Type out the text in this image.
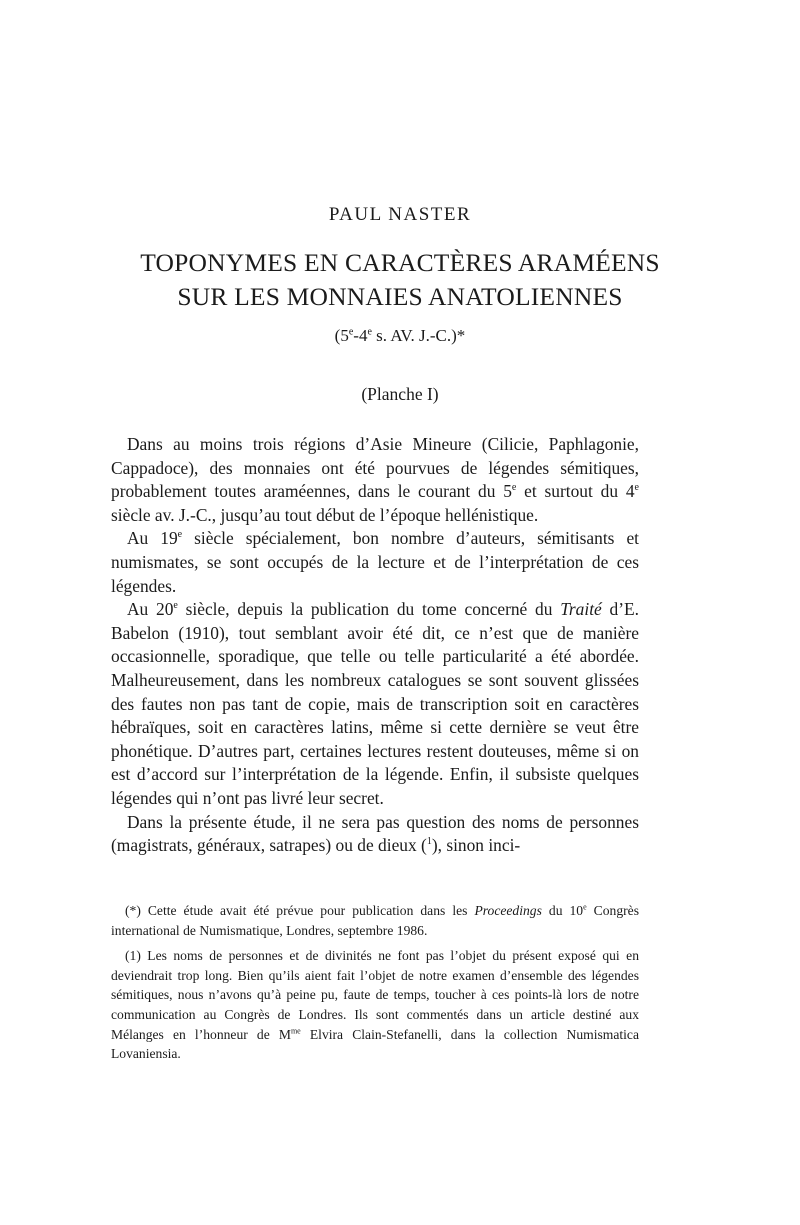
PAUL NASTER
TOPONYMES EN CARACTÈRES ARAMÉENS
SUR LES MONNAIES ANATOLIENNES
(5e-4e s. AV. J.-C.)*
(Planche I)

Dans au moins trois régions d’Asie Mineure (Cilicie, Paphlagonie, Cappadoce), des monnaies ont été pourvues de légendes sémitiques, probablement toutes araméennes, dans le courant du 5e et surtout du 4e siècle av. J.-C., jusqu’au tout début de l’époque hellénistique.

Au 19e siècle spécialement, bon nombre d’auteurs, sémitisants et numismates, se sont occupés de la lecture et de l’interprétation de ces légendes.

Au 20e siècle, depuis la publication du tome concerné du Traité d’E. Babelon (1910), tout semblant avoir été dit, ce n’est que de manière occasionnelle, sporadique, que telle ou telle particularité a été abordée. Malheureusement, dans les nombreux catalogues se sont souvent glissées des fautes non pas tant de copie, mais de transcription soit en caractères hébraïques, soit en caractères latins, même si cette dernière se veut être phonétique. D’autres part, certaines lectures restent douteuses, même si on est d’accord sur l’interprétation de la légende. Enfin, il subsiste quelques légendes qui n’ont pas livré leur secret.

Dans la présente étude, il ne sera pas question des noms de personnes (magistrats, généraux, satrapes) ou de dieux ($^1$), sinon inci-

(*) Cette étude avait été prévue pour publication dans les Proceedings du 10e Congrès international de Numismatique, Londres, septembre 1986.

(1) Les noms de personnes et de divinités ne font pas l’objet du présent exposé qui en deviendrait trop long. Bien qu’ils aient fait l’objet de notre examen d’ensemble des légendes sémitiques, nous n’avons qu’à peine pu, faute de temps, toucher à ces points-là lors de notre communication au Congrès de Londres. Ils sont commentés dans un article destiné aux Mélanges en l’honneur de $M^{me}$ Elvira Clain-Stefanelli, dans la collection Numismatica Lovaniensia.
